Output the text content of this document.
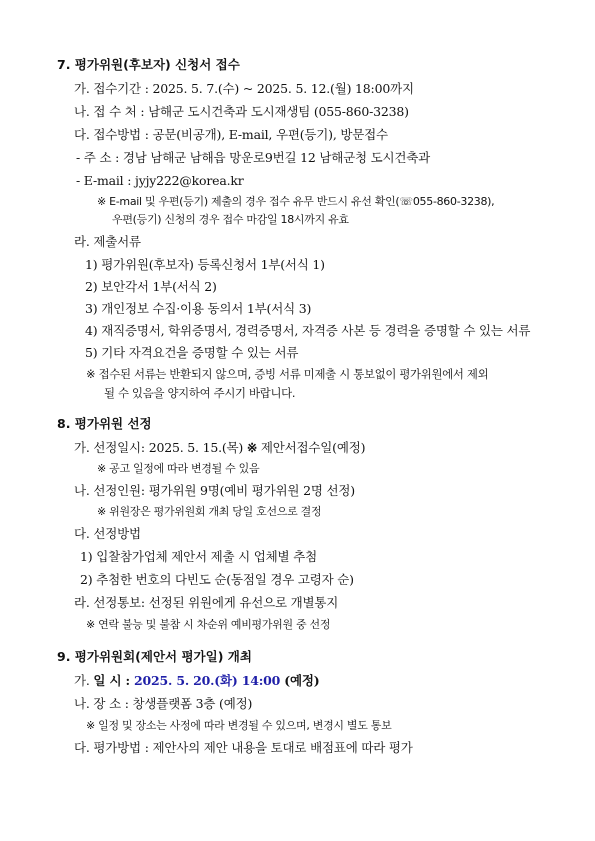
7. 평가위원(후보자) 신청서 접수
가. 접수기간 : 2025. 5. 7.(수) ~ 2025. 5. 12.(월) 18:00까지
나. 접 수 처 : 남해군 도시건축과 도시재생팀 (055-860-3238)
다. 접수방법 : 공문(비공개), E-mail, 우편(등기), 방문접수
- 주 소 : 경남 남해군 남해읍 망운로9번길 12 남해군청 도시건축과
- E-mail : jyjy222@korea.kr
※ E-mail 및 우편(등기) 제출의 경우 접수 유무 반드시 유선 확인(☏055-860-3238),
우편(등기) 신청의 경우 접수 마감일 18시까지 유효
라. 제출서류
1) 평가위원(후보자) 등록신청서 1부(서식 1)
2) 보안각서 1부(서식 2)
3) 개인정보 수집·이용 동의서 1부(서식 3)
4) 재직증명서, 학위증명서, 경력증명서, 자격증 사본 등 경력을 증명할 수 있는 서류
5) 기타 자격요건을 증명할 수 있는 서류
※ 접수된 서류는 반환되지 않으며, 증빙 서류 미제출 시 통보없이 평가위원에서 제외
될 수 있음을 양지하여 주시기 바랍니다.
8. 평가위원 선정
가. 선정일시: 2025. 5. 15.(목) ※ 제안서접수일(예정)
※ 공고 일정에 따라 변경될 수 있음
나. 선정인원: 평가위원 9명(예비 평가위원 2명 선정)
※ 위원장은 평가위원회 개최 당일 호선으로 결정
다. 선정방법
1) 입찰참가업체 제안서 제출 시 업체별 추첨
2) 추첨한 번호의 다빈도 순(동점일 경우 고령자 순)
라. 선정통보: 선정된 위원에게 유선으로 개별통지
※ 연락 불능 및 불참 시 차순위 예비평가위원 중 선정
9. 평가위원회(제안서 평가일) 개최
가. 일 시 : 2025. 5. 20.(화) 14:00 (예정)
나. 장 소 : 창생플랫폼 3층 (예정)
※ 일정 및 장소는 사정에 따라 변경될 수 있으며, 변경시 별도 통보
다. 평가방법 : 제안사의 제안 내용을 토대로 배점표에 따라 평가
